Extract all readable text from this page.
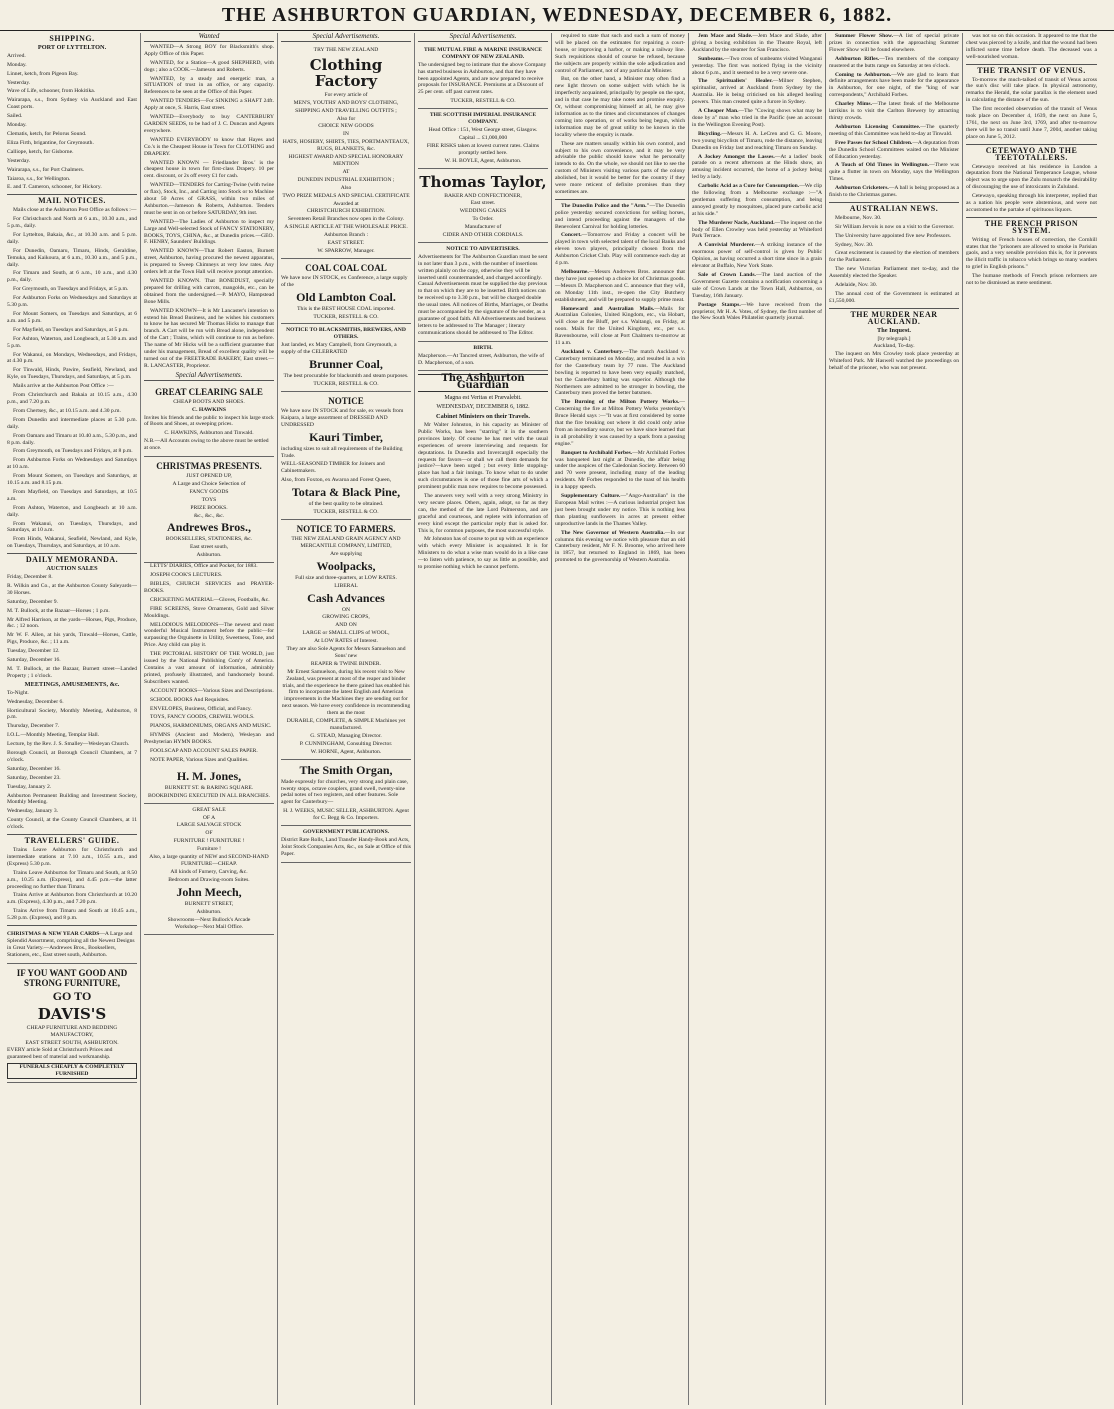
THE ASHBURTON GUARDIAN, WEDNESDAY, DECEMBER 6, 1882.
SHIPPING.
PORT OF LYTTELTON.

Arrived.

Monday.

Linnet, ketch, from Pigeon Bay.

Yesterday.

Wave of Life, schooner, from Hokitika.

Wairarapa, s.s., from Sydney via Auckland and East Coast ports.

Sailed.

Monday.

Clematis, ketch, for Pelorus Sound.

Eliza Firth, brigantine, for Greymouth.

Calliope, ketch, for Gisborne.

Yesterday.

Wairarapa, s.s., for Port Chalmers.

Taiaroa, s.s., for Wellington.

E. and T. Cameron, schooner, for Hickory.

MAIL NOTICES.

Mails close at the Ashburton Post Office as follows :—

For Christchurch and North at 6 a.m., 10.30 a.m., and 5 p.m., daily.

For Lyttelton, Bakaia, &c., at 10.30 a.m. and 5 p.m. daily.

For Dunedin, Oamaru, Timaru, Hinds, Geraldine, Temuka, and Kaikoura, at 6 a.m., 10.30 a.m., and 5 p.m., daily.

For Timaru and South, at 6 a.m., 10 a.m., and 4.30 p.m., daily.

For Greymouth, on Tuesdays and Fridays, at 5 p.m.

For Ashburton Forks on Wednesdays and Saturdays at 5.30 p.m.

For Mount Somers, on Tuesdays and Saturdays, at 6 a.m. and 5 p.m.

For Mayfield, on Tuesdays and Saturdays, at 5 p.m.

For Ashton, Waterton, and Longbeach, at 5.30 a.m. and 5 p.m.

For Wakanui, on Mondays, Wednesdays, and Fridays, at 4.30 p.m.

For Tinwald, Hinds, Pawire, Seafield, Newland, and Kyle, on Tuesdays, Thursdays, and Saturdays, at 5 p.m.

Mails arrive at the Ashburton Post Office :—

From Christchurch and Bakaia at 10.15 a.m., 4.30 p.m., and 7.20 p.m.

From Chertsey, &c., at 10.15 a.m. and 4.30 p.m.

From Dunedin and intermediate places at 5.30 p.m. daily.

From Oamaru and Timaru at 10.40 a.m., 5.30 p.m., and 8 p.m. daily.

From Greymouth, on Tuesdays and Fridays, at 8 p.m.

From Ashburton Forks on Wednesdays and Saturdays at 10 a.m.

From Mount Somers, on Tuesdays and Saturdays, at 10.15 a.m. and 8.15 p.m.

From Mayfield, on Tuesdays and Saturdays, at 10.5 a.m.

From Ashton, Waterton, and Longbeach at 10 a.m. daily.

From Wakanui, on Tuesdays, Thursdays, and Saturdays, at 10 a.m.

From Hinds, Wakanui, Seafield, Newland, and Kyle, on Tuesdays, Thursdays, and Saturdays, at 10 a.m.

DAILY MEMORANDA.
AUCTION SALES

Friday, December 8.

R. Wilkin and Co., at the Ashburton County Saleyards—30 Horses.

Saturday, December 9.

M. T. Bullock, at the Bazaar—Horses ; 1 p.m.

Mr Alfred Harrison, at the yards—Horses, Pigs, Produce, &c. ; 12 noon.

Mr W. F. Allen, at his yards, Tinwald—Horses, Cattle, Pigs, Produce, &c. ; 11 a.m.

Tuesday, December 12.

Saturday, December 16.

M. T. Bullock, at the Bazaar, Burnett street—Landed Property ; 1 o'clock.

MEETINGS, AMUSEMENTS, &c.

To-Night.

Wednesday, December 6.

Horticultural Society, Monthly Meeting, Ashburton, 8 p.m.

Thursday, December 7.

I.O.L.—Monthly Meeting, Templar Hall.

Lecture, by the Rev. J. S. Smalley—Wesleyan Church.

Borough Council, at Borough Council Chambers, at 7 o'clock.

Saturday, December 16.

Saturday, December 23.

Tuesday, January 2.

Ashburton Permanent Building and Investment Society, Monthly Meeting.

Wednesday, January 3.

County Council, at the County Council Chambers, at 11 o'clock.

TRAVELLERS' GUIDE.

Trains Leave Ashburton for Christchurch and intermediate stations at 7.10 a.m., 10.55 a.m., and (Express) 5.30 p.m.

Trains Leave Ashburton for Timaru and South, at 8.50 a.m., 10.25 a.m. (Express), and 4.45 p.m.—the latter proceeding no further than Timaru.

Trains Arrive at Ashburton from Christchurch at 10.20 a.m. (Express), 4.30 p.m., and 7.20 p.m.

Trains Arrive from Timaru and South at 10.45 a.m., 5.28 p.m. (Express), and 8 p.m.

CHRISTMAS & NEW YEAR CARDS—A Large and Splendid Assortment, comprising all the Newest Designs in Great Variety.—Andrewes Bros., Booksellers, Stationers, etc., East street south, Ashburton.

IF YOU WANT GOOD AND STRONG FURNITURE,
GO TO
DAVIS'S
CHEAP FURNITURE AND BEDDING MANUFACTORY,
EAST STREET SOUTH, ASHBURTON.

EVERY article Sold at Christchurch Prices and guaranteed best of material and workmanship.

FUNERALS CHEAPLY & COMPLETELY FURNISHED
Wanted

WANTED—A Strong BOY for Blacksmith's shop. Apply Office of this Paper.

WANTED, for a Station—A good SHEPHERD, with dogs ; also a COOK.—Jameson and Roberts.

WANTED, by a steady and energetic man, a SITUATION of trust in an office, or any capacity. References to be seen at the Office of this Paper.

WANTED TENDERS—For SINKING a SHAFT 24ft. Apply at once, S. Harris, East street.

WANTED—Everybody to buy CANTERBURY GARDEN SEEDS, to be had of J. C. Duncan and Agents everywhere.

WANTED EVERYBODY to know that Hayes and Co.'s is the Cheapest House in Town for CLOTHING and DRAPERY.

WANTED KNOWN — Friedlander Bros.' is the cheapest house in town for first-class Drapery. 10 per cent. discount, or 2s off every £1 for cash.

WANTED—TENDERS for Carting-Twine (with twine or flax), Stock, Inc., and Carting into Stock or to Machine about 50 Acres of GRASS, within two miles of Ashburton.—Jameson & Roberts, Ashburton. Tenders must be sent in on or before SATURDAY, 9th inst.

WANTED—The Ladies of Ashburton to inspect my Large and Well-selected Stock of FANCY STATIONERY, BOOKS, TOYS, CHINA, &c., at Dunedin prices.—GEO. F. HENRY, Saunders' Buildings.

WANTED KNOWN—That Robert Easton, Burnett street, Ashburton, having procured the newest apparatus, is prepared to Sweep Chimneys at very low rates. Any orders left at the Town Hall will receive prompt attention.

WANTED KNOWN. That BONEDUST, specially prepared for drilling with carrots, mangolds, etc., can be obtained from the undersigned.—P. MAYO, Hampstead Bone Mills.

WANTED KNOWN—It is Mr Lancaster's intention to extend his Bread Business, and he wishes his customers to know he has secured Mr Thomas Hicks to manage that branch. A Cart will be run with Bread alone, independent of the Cart ; Trains, which will continue to run as before. The name of Mr Hicks will be a sufficient guarantee that under his management, Bread of excellent quality will be turned out of the FREETRADE BAKERY, East street.—R. LANCASTER, Proprietor.

Special Advertisements.
GREAT CLEARING SALE
CHEAP BOOTS AND SHOES.
C. HAWKINS

Invites his friends and the public to inspect his large stock of Boots and Shoes, at sweeping prices.

C. HAWKINS, Ashburton and Tinwald.

N.B.—All Accounts owing to the above must be settled at once.

CHRISTMAS PRESENTS.
JUST OPENED UP,
A Large and Choice Selection of
FANCY GOODS
TOYS
PRIZE BOOKS.
&c., &c., &c.
Andrewes Bros.,
BOOKSELLERS, STATIONERS, &c.
East street south,
Ashburton.

LETTS' DIARIES, Office and Pocket, for 1883.

JOSEPH COOK'S LECTURES.

BIBLES, CHURCH SERVICES and PRAYER-BOOKS.

CRICKETING MATERIAL—Gloves, Footballs, &c.

FIRE SCREENS, Stove Ornaments, Gold and Silver Mouldings.

MELODIOUS MELODIONS—The newest and most wonderful Musical Instrument before the public—for surpassing the Orguinette in Utility, Sweetness, Tone, and Price. Any child can play it.

THE PICTORIAL HISTORY OF THE WORLD, just issued by the National Publishing Com'y of America. Contains a vast amount of information, admirably printed, profusely illustrated, and handsomely bound. Subscribers wanted.

ACCOUNT BOOKS—Various Sizes and Descriptions.

SCHOOL BOOKS And Requisites.

ENVELOPES, Business, Official, and Fancy.

TOYS, FANCY GOODS, CREWEL WOOLS.

PIANOS, HARMONIUMS, ORGANS AND MUSIC.

HYMNS (Ancient and Modern), Wesleyan and Presbyterian HYMN BOOKS.

FOOLSCAP AND ACCOUNT SALES PAPER.

NOTE PAPER, Various Sizes and Qualities.

H. M. Jones,
BURNETT ST. & BARING SQUARE.
BOOKBINDING EXECUTED IN ALL BRANCHES.
GREAT SALE
OF A
LARGE SALVAGE STOCK
OF
FURNITURE ! FURNITURE !
Furniture !
Also, a large quantity of NEW and SECOND-HAND FURNITURE—CHEAP.
All kinds of Furnery, Carving, &c.
Bedroom and Drawing-room Suites.
John Meech,
BURNETT STREET,
Ashburton.
Showrooms—Next Bullock's Arcade
Workshop—Next Mail Office.
Special Advertisements.
TRY THE NEW ZEALAND
Clothing Factory
For every article of
MEN'S, YOUTHS' AND BOYS' CLOTHING,
SHIPPING AND TRAVELLING OUTFITS ;
Also for
CHOICE NEW GOODS
IN
HATS, HOSIERY, SHIRTS, TIES, PORTMANTEAUX, RUGS, BLANKETS, &c.
HIGHEST AWARD AND SPECIAL HONORARY MENTION
AT
DUNEDIN INDUSTRIAL EXHIBITION ;
Also
TWO PRIZE MEDALS AND SPECIAL CERTIFICATE
Awarded at
CHRISTCHURCH EXHIBITION.
Seventeen Retail Branches now open in the Colony.
A SINGLE ARTICLE AT THE WHOLESALE PRICE.
Ashburton Branch :
EAST STREET.
W. SPARROW, Manager.
COAL COAL COAL

We have now IN STOCK, ex Conference, a large supply of the

Old Lambton Coal.
This is the BEST HOUSE COAL imported.
TUCKER, RESTELL & CO.
NOTICE TO BLACKSMITHS, BREWERS, AND OTHERS.

Just landed, ex Mary Campbell, from Greymouth, a supply of the CELEBRATED

Brunner Coal,
The best procurable for blacksmith and steam purposes.
TUCKER, RESTELL & CO.
NOTICE

We have now IN STOCK and for sale, ex vessels from Kaipara, a large assortment of DRESSED AND UNDRESSED

Kauri Timber,

including sizes to suit all requirements of the Building Trade.

WELL-SEASONED TIMBER for Joiners and Cabinetmakers.

Also, from Foxton, ex Awaroa and Forest Queen,

Totara & Black Pine,
of the best quality to be obtained.
TUCKER, RESTELL & CO.
NOTICE TO FARMERS.
THE NEW ZEALAND GRAIN AGENCY AND MERCANTILE COMPANY, LIMITED,
Are supplying
Woolpacks,
Full size and three-quarters, at LOW RATES.
LIBERAL
Cash Advances
ON
GROWING CROPS,
AND ON
LARGE or SMALL CLIPS of WOOL,
At LOW RATES of Interest.
They are also Sole Agents for Messrs Samuelson and Sons' new
REAPER & TWINE BINDER.
Mr Ernest Samuelson, during his recent visit to New Zealand, was present at most of the reaper and binder trials, and the experience he there gained has enabled his firm to incorporate the latest English and American improvements in the Machines they are sending out for next season. We have every confidence in recommending them as the most
DURABLE, COMPLETE, & SIMPLE Machines yet manufactured.
G. STEAD, Managing Director.
P. CUNNINGHAM, Consulting Director.
W. HORNE, Agent, Ashburton.
The Smith Organ,

Made expressly for churches, very strong and plain case, twenty stops, octave couplers, grand swell, twenty-nine pedal notes of two registers, and other features. Sole agent for Canterbury—

H. J. WEEKS, MUSIC SELLER, ASHBURTON. Agent for C. Begg & Co. Importers.
GOVERNMENT PUBLICATIONS.

District Rate Rolls, Land Transfer Handy-Book and Acts, Joint Stock Companies Acts, &c., on Sale at Office of this Paper.

Special Advertisements.
THE MUTUAL FIRE & MARINE INSURANCE COMPANY OF NEW ZEALAND.

The undersigned beg to intimate that the above Company has started business in Ashburton, and that they have been appointed Agents, and are now prepared to receive proposals for INSURANCE. Premiums at a Discount of 25 per cent. off past current rates.

TUCKER, RESTELL & CO.
THE SCOTTISH IMPERIAL INSURANCE COMPANY.
Head Office : 151, West George street, Glasgow.
Capital ... £1,000,000
FIRE RISKS taken at lowest current rates. Claims promptly settled here.
W. H. BOYLE, Agent, Ashburton.
Thomas Taylor,
BAKER AND CONFECTIONER,
East street.
WEDDING CAKES
To Order.
Manufacturer of
CIDER AND OTHER CORDIALS.
NOTICE TO ADVERTISERS.

Advertisements for The Ashburton Guardian must be sent in not later than 3 p.m., with the number of insertions written plainly on the copy, otherwise they will be inserted until countermanded, and charged accordingly. Casual Advertisements must be supplied the day previous to that on which they are to be inserted. Birth notices can be received up to 3.30 p.m., but will be charged double the usual rates. All notices of Births, Marriages, or Deaths must be accompanied by the signature of the sender, as a guarantee of good faith. All Advertisements and business letters to be addressed to The Manager ; literary communications should be addressed to The Editor.

BIRTH.

Macpherson.—At Tancred street, Ashburton, the wife of D. Macpherson, of a son.

The Ashburton Guardian
Magna est Veritas et Prævalebit.
WEDNESDAY, DECEMBER 6, 1882.
Cabinet Ministers on their Travels.

Mr Walter Johnston, in his capacity as Minister of Public Works, has been "starring" it in the southern provinces lately. Of course he has met with the usual experiences of severe interviewing and requests for deputations. In Dunedin and Invercargill especially the requests for favors—or shall we call them demands for justice?—have been urged ; but every little stopping-place has had a fair innings. To know what to do under such circumstances is one of those fine arts of which a prominent public man now requires to become possessed.

The answers very well with a very strong Ministry in very secure places. Others, again, adopt, so far as they can, the method of the late Lord Palmerston, and are graceful and courteous, and replete with information of every kind except the particular reply that is asked for. This is, for common purposes, the most successful style.

Mr Johnston has of course to put up with an experience with which every Minister is acquainted. It is for Ministers to do what a wise man would do in a like case—to listen with patience, to say as little as possible, and to promise nothing which he cannot perform.

required to state that such and such a sum of money will be placed on the estimates for repairing a court-house, or improving a harbor, or making a railway line. Such requisitions should of course be refused, because the subjects are properly within the sole adjudication and control of Parliament, not of any particular Minister.

But, on the other hand, a Minister may often find a new light thrown on some subject with which he is imperfectly acquainted, principally by people on the spot, and in that case he may take notes and promise enquiry. Or, without compromising himself at all, he may give information as to the times and circumstances of changes coming into operation, or of works being begun, which information may be of great utility to be known in the locality where the enquiry is made.

These are matters usually within his own control, and subject to his own convenience, and it may be very advisable the public should know what he personally intends to do. On the whole, we should not like to see the custom of Ministers visiting various parts of the colony abolished, but it would be better for the country if they were more reticent of definite promises than they sometimes are.

The Dunedin Police and the "Arm."—The Dunedin police yesterday secured convictions for selling horses, and intend proceeding against the managers of the Benevolent Carnival for holding lotteries.

Concert.—Tomorrow and Friday a concert will be played in town with selected talent of the local Banks and eleven town players, principally chosen from the Ashburton Cricket Club. Play will commence each day at 4 p.m.

Melbourne.—Messrs Andrewes Bros. announce that they have just opened up a choice lot of Christmas goods.—Messrs D. Macpherson and C. announce that they will, on Monday 11th inst., re-open the City Butchery establishment, and will be prepared to supply prime meat.

Homeward and Australian Mails.—Mails for Australian Colonies, United Kingdom, etc., via Hobart, will close at the Bluff, per s.s. Waitangi, on Friday, at noon. Mails for the United Kingdom, etc., per s.s. Ravensbourne, will close at Port Chalmers to-morrow at 11 a.m.

Auckland v. Canterbury.—The match Auckland v. Canterbury terminated on Monday, and resulted in a win for the Canterbury team by 77 runs. The Auckland bowling is reported to have been very equally matched, but the Canterbury batting was superior. Although the Northerners are admitted to be stronger in bowling, the Canterbury men proved the better batsmen.

The Burning of the Milton Pottery Works.—Concerning the fire at Milton Pottery Works yesterday's Bruce Herald says :—"It was at first considered by some that the fire breaking out where it did could only arise from an incendiary source, but we have since learned that in all probability it was caused by a spark from a passing engine."

Banquet to Archibald Forbes.—Mr Archibald Forbes was banqueted last night at Dunedin, the affair being under the auspices of the Caledonian Society. Between 60 and 70 were present, including many of the leading residents. Mr Forbes responded to the toast of his health in a happy speech.

Supplementary Culture.—"Ango-Australian" in the European Mail writes :—A curious industrial project has just been brought under my notice. This is nothing less than planting sunflowers in acres at present either unproductive lands in the Thames Valley.

The New Governor of Western Australia.—In our columns this evening we notice with pleasure that an old Canterbury resident, Mr F. N. Broome, who arrived here in 1857, but returned to England in 1869, has been promoted to the governorship of Western Australia.

Jem Mace and Slade.—Jem Mace and Slade, after giving a boxing exhibition in the Theatre Royal, left Auckland by the steamer for San Francisco.

Sunbeams.—Two cross of sunbeams visited Wanganui yesterday. The first was noticed flying in the vicinity about 6 p.m., and it seemed to be a very severe one.

The Spiritualists' Healer.—Milner Stephen, spiritualist, arrived at Auckland from Sydney by the Australia. He is being criticised on his alleged healing powers. This man created quite a furore in Sydney.

A Cheaper Man.—The "Cowing shows what may be done by a" man who tried in the Pacific (see an account in the Wellington Evening Post).

Bicycling.—Messrs H. A. LeCren and G. G. Moore, two young bicyclists of Timaru, rode the distance, leaving Dunedin on Friday last and reaching Timaru on Sunday.

A Jockey Amongst the Lasses.—At a ladies' book parade on a recent afternoon at the Hinds show, an amusing incident occurred, the horse of a jockey being led by a lady.

Carbolic Acid as a Cure for Consumption.—We clip the following from a Melbourne exchange :—"A gentleman suffering from consumption, and being annoyed greatly by mosquitoes, placed pure carbolic acid at his side."

The Murderer Nacle, Auckland.—The inquest on the body of Ellen Crowley was held yesterday at Whiteford Park Terrace.

A Convivial Murderer.—A striking instance of the enormous power of self-control is given by Public Opinion, as having occurred a short time since in a grain elevator at Buffalo, New York State.

Sale of Crown Lands.—The land auction of the Government Gazette contains a notification concerning a sale of Crown Lands at the Town Hall, Ashburton, on Tuesday, 16th January.

Postage Stamps.—We have received from the proprietor, Mr H. A. Votes, of Sydney, the first number of the New South Wales Philatelist quarterly journal.

Summer Flower Show.—A list of special private prizes in connection with the approaching Summer Flower Show will be found elsewhere.

Ashburton Rifles.—Ten members of the company mustered at the butts range on Saturday at ten o'clock.

Coming to Ashburton.—We are glad to learn that definite arrangements have been made for the appearance in Ashburton, for one night, of the "king of war correspondents," Archibald Forbes.

Charley Mims.—The latest freak of the Melbourne larrikins is to visit the Carlton Brewery by attracting thirsty crowds.

Ashburton Licensing Committee.—The quarterly meeting of this Committee was held to-day at Tinwald.

Free Passes for School Children.—A deputation from the Dunedin School Committees waited on the Minister of Education yesterday.

A Touch of Old Times in Wellington.—There was quite a flutter in town on Monday, says the Wellington Times.

Ashburton Cricketers.—A ball is being proposed as a finish to the Christmas games.

AUSTRALIAN NEWS.

Melbourne, Nov. 30.

Sir William Jervois is now on a visit to the Governor.

The University have appointed five new Professors.

Sydney, Nov. 30.

Great excitement is caused by the election of members for the Parliament.

The new Victorian Parliament met to-day, and the Assembly elected the Speaker.

Adelaide, Nov. 30.

The annual cost of the Government is estimated at £1,550,000.

THE MURDER NEAR AUCKLAND.
The Inquest.
[by telegraph.]
Auckland, To-day.

The inquest on Mrs Crowley took place yesterday at Whiteford Park. Mr Haswell watched the proceedings on behalf of the prisoner, who was not present.

was not so on this occasion. It appeared to me that the chest was pierced by a knife, and that the wound had been inflicted some time before death. The deceased was a well-nourished woman.

THE TRANSIT OF VENUS.

To-morrow the much-talked of transit of Venus across the sun's disc will take place. In physical astronomy, remarks the Herald, the solar parallax is the element used in calculating the distance of the sun.

The first recorded observation of the transit of Venus took place on December 4, 1639, the next on June 5, 1761, the next on June 3rd, 1769, and after to-morrow there will be no transit until June 7, 2004, another taking place on June 5, 2012.

CETEWAYO AND THE TEETOTALLERS.

Cetewayo received at his residence in London a deputation from the National Temperance League, whose object was to urge upon the Zulu monarch the desirability of discouraging the use of intoxicants in Zululand.

Cetewayo, speaking through his interpreter, replied that as a nation his people were abstemious, and were not accustomed to the partake of spirituous liquors.

THE FRENCH PRISON SYSTEM.

Writing of French houses of correction, the Cornhill states that the "prisoners are allowed to smoke in Parisian gaols, and a very sensible provision this is, for it prevents the illicit traffic in tobacco which brings so many warders to grief in English prisons."

The humane methods of French prison reformers are not to be dismissed as mere sentiment.
